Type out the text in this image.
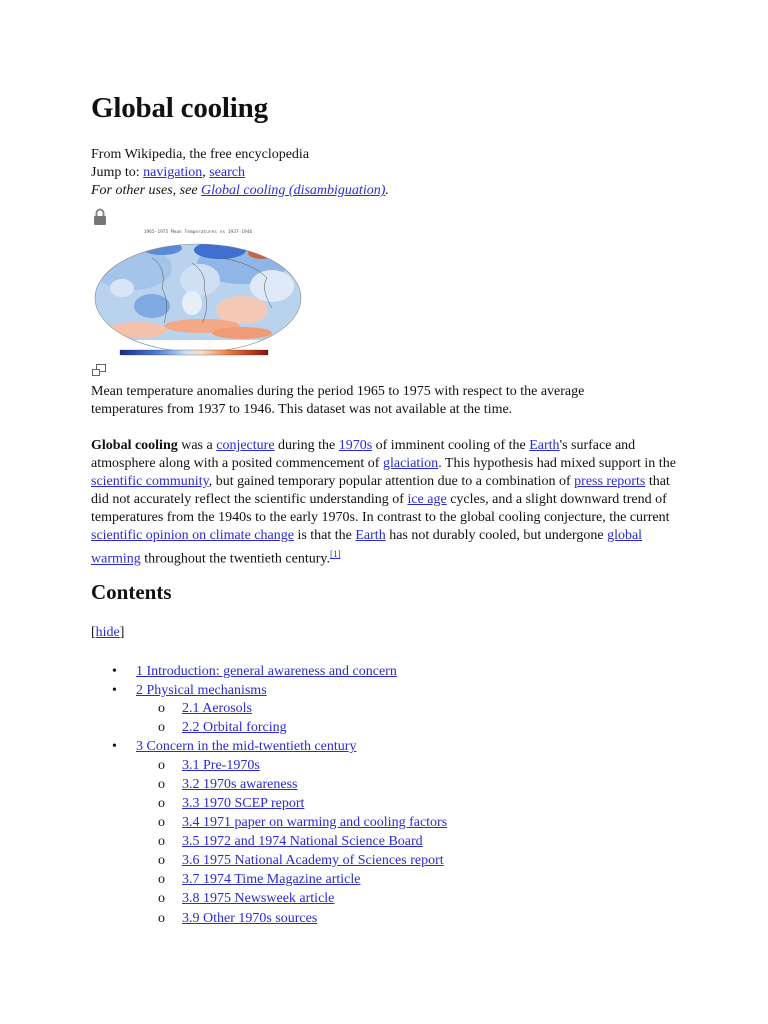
Global cooling
From Wikipedia, the free encyclopedia
Jump to: navigation, search
For other uses, see Global cooling (disambiguation).
1965-1975 Mean Temperatures vs 1937-1946
Mean temperature anomalies during the period 1965 to 1975 with respect to the average
temperatures from 1937 to 1946. This dataset was not available at the time.

Global cooling was a conjecture during the 1970s of imminent cooling of the Earth's surface and atmosphere along with a posited commencement of glaciation. This hypothesis had mixed support in the scientific community, but gained temporary popular attention due to a combination of press reports that did not accurately reflect the scientific understanding of ice age cycles, and a slight downward trend of temperatures from the 1940s to the early 1970s. In contrast to the global cooling conjecture, the current scientific opinion on climate change is that the Earth has not durably cooled, but undergone global warming throughout the twentieth century.[1]

Contents
[hide]
• 1 Introduction: general awareness and concern
• 2 Physical mechanisms
o 2.1 Aerosols
o 2.2 Orbital forcing
• 3 Concern in the mid-twentieth century
o 3.1 Pre-1970s
o 3.2 1970s awareness
o 3.3 1970 SCEP report
o 3.4 1971 paper on warming and cooling factors
o 3.5 1972 and 1974 National Science Board
o 3.6 1975 National Academy of Sciences report
o 3.7 1974 Time Magazine article
o 3.8 1975 Newsweek article
o 3.9 Other 1970s sources
